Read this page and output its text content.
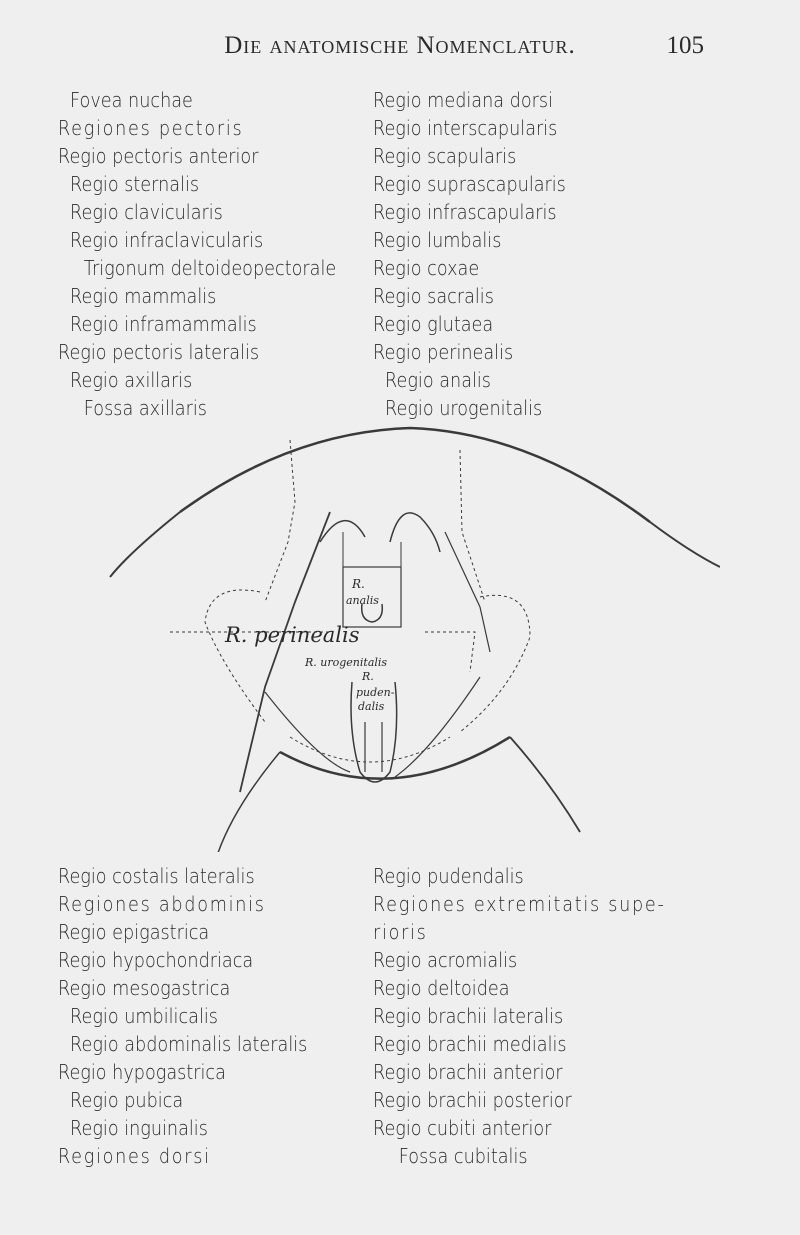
Die anatomische Nomenclatur.	105
Fovea nuchae
Regiones pectoris
Regio pectoris anterior
Regio sternalis
Regio clavicularis
Regio infraclavicularis
Trigonum deltoideopectorale
Regio mammalis
Regio inframammalis
Regio pectoris lateralis
Regio axillaris
Fossa axillaris
Regio mediana dorsi
Regio interscapularis
Regio scapularis
Regio suprascapularis
Regio infrascapularis
Regio lumbalis
Regio coxae
Regio sacralis
Regio glutaea
Regio perinealis
Regio analis
Regio urogenitalis
R.
analis
R. perinealis
R. urogenitalis
R.
puden-
dalis
Regio costalis lateralis
Regiones abdominis
Regio epigastrica
Regio hypochondriaca
Regio mesogastrica
Regio umbilicalis
Regio abdominalis lateralis
Regio hypogastrica
Regio pubica
Regio inguinalis
Regiones dorsi
Regio pudendalis
Regiones extremitatis supe-
rioris
Regio acromialis
Regio deltoidea
Regio brachii lateralis
Regio brachii medialis
Regio brachii anterior
Regio brachii posterior
Regio cubiti anterior
Fossa cubitalis
